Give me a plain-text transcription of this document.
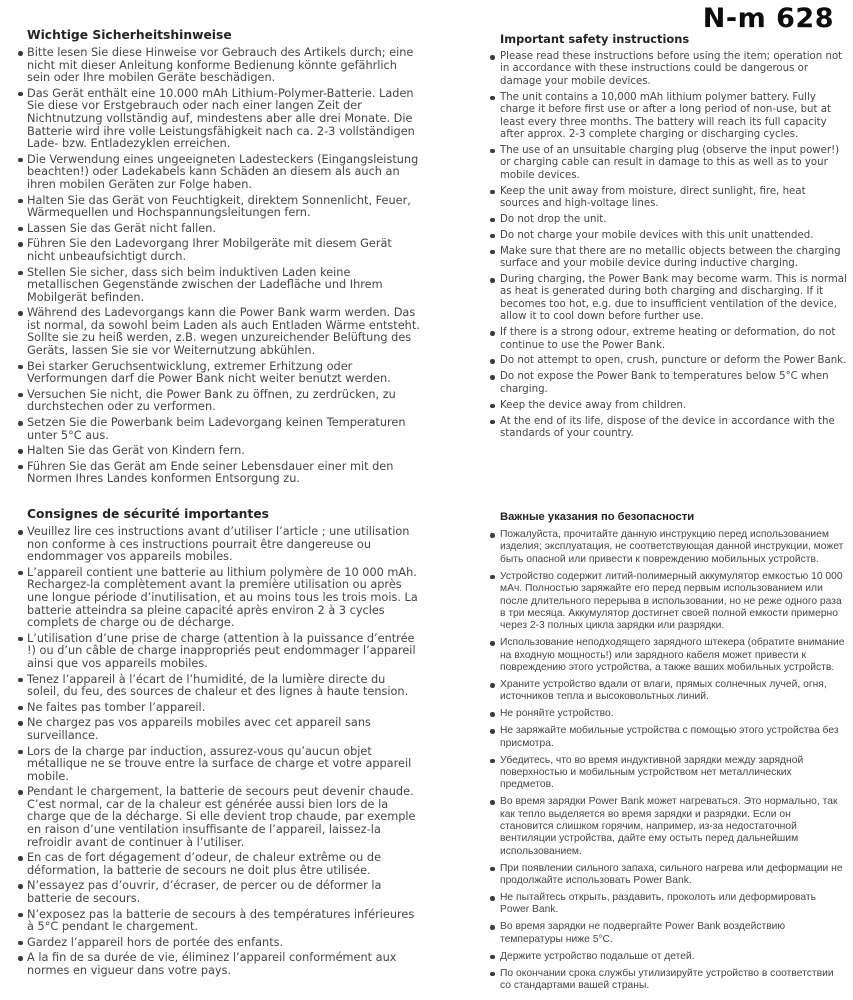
N-m 628
Wichtige Sicherheitshinweise
Bitte lesen Sie diese Hinweise vor Gebrauch des Artikels durch; eine nicht mit dieser Anleitung konforme Bedienung könnte gefährlich sein oder Ihre mobilen Geräte beschädigen.
Das Gerät enthält eine 10.000 mAh Lithium-Polymer-Batterie. Laden Sie diese vor Erstgebrauch oder nach einer langen Zeit der Nichtnutzung vollständig auf, mindestens aber alle drei Monate. Die Batterie wird ihre volle Leistungsfähigkeit nach ca. 2-3 vollständigen Lade- bzw. Entladezyklen erreichen.
Die Verwendung eines ungeeigneten Ladesteckers (Eingangsleistung beachten!) oder Ladekabels kann Schäden an diesem als auch an ihren mobilen Geräten zur Folge haben.
Halten Sie das Gerät von Feuchtigkeit, direktem Sonnenlicht, Feuer, Wärmequellen und Hochspannungsleitungen fern.
Lassen Sie das Gerät nicht fallen.
Führen Sie den Ladevorgang Ihrer Mobilgeräte mit diesem Gerät nicht unbeaufsichtigt durch.
Stellen Sie sicher, dass sich beim induktiven Laden keine metallischen Gegenstände zwischen der Ladefläche und Ihrem Mobilgerät befinden.
Während des Ladevorgangs kann die Power Bank warm werden. Das ist normal, da sowohl beim Laden als auch Entladen Wärme entsteht. Sollte sie zu heiß werden, z.B. wegen unzureichender Belüftung des Geräts, lassen Sie sie vor Weiternutzung abkühlen.
Bei starker Geruchsentwicklung, extremer Erhitzung oder Verformungen darf die Power Bank nicht weiter benutzt werden.
Versuchen Sie nicht, die Power Bank zu öffnen, zu zerdrücken, zu durchstechen oder zu verformen.
Setzen Sie die Powerbank beim Ladevorgang keinen Temperaturen unter 5°C aus.
Halten Sie das Gerät von Kindern fern.
Führen Sie das Gerät am Ende seiner Lebensdauer einer mit den Normen Ihres Landes konformen Entsorgung zu.
Important safety instructions
Please read these instructions before using the item; operation not in accordance with these instructions could be dangerous or damage your mobile devices.
The unit contains a 10,000 mAh lithium polymer battery. Fully charge it before first use or after a long period of non-use, but at least every three months. The battery will reach its full capacity after approx. 2-3 complete charging or discharging cycles.
The use of an unsuitable charging plug (observe the input power!) or charging cable can result in damage to this as well as to your mobile devices.
Keep the unit away from moisture, direct sunlight, fire, heat sources and high-voltage lines.
Do not drop the unit.
Do not charge your mobile devices with this unit unattended.
Make sure that there are no metallic objects between the charging surface and your mobile device during inductive charging.
During charging, the Power Bank may become warm. This is normal as heat is generated during both charging and discharging. If it becomes too hot, e.g. due to insufficient ventilation of the device, allow it to cool down before further use.
If there is a strong odour, extreme heating or deformation, do not continue to use the Power Bank.
Do not attempt to open, crush, puncture or deform the Power Bank.
Do not expose the Power Bank to temperatures below 5°C when charging.
Keep the device away from children.
At the end of its life, dispose of the device in accordance with the standards of your country.
Consignes de sécurité importantes
Veuillez lire ces instructions avant d’utiliser l’article ; une utilisation non conforme à ces instructions pourrait être dangereuse ou endommager vos appareils mobiles.
L’appareil contient une batterie au lithium polymère de 10 000 mAh. Rechargez-la complètement avant la première utilisation ou après une longue période d’inutilisation, et au moins tous les trois mois. La batterie atteindra sa pleine capacité après environ 2 à 3 cycles complets de charge ou de décharge.
L’utilisation d’une prise de charge (attention à la puissance d’entrée !) ou d’un câble de charge inappropriés peut endommager l’appareil ainsi que vos appareils mobiles.
Tenez l’appareil à l’écart de l’humidité, de la lumière directe du soleil, du feu, des sources de chaleur et des lignes à haute tension.
Ne faites pas tomber l’appareil.
Ne chargez pas vos appareils mobiles avec cet appareil sans surveillance.
Lors de la charge par induction, assurez-vous qu’aucun objet métallique ne se trouve entre la surface de charge et votre appareil mobile.
Pendant le chargement, la batterie de secours peut devenir chaude. C’est normal, car de la chaleur est générée aussi bien lors de la charge que de la décharge. Si elle devient trop chaude, par exemple en raison d’une ventilation insuffisante de l’appareil, laissez-la refroidir avant de continuer à l’utiliser.
En cas de fort dégagement d’odeur, de chaleur extrême ou de déformation, la batterie de secours ne doit plus être utilisée.
N’essayez pas d’ouvrir, d’écraser, de percer ou de déformer la batterie de secours.
N’exposez pas la batterie de secours à des températures inférieures à 5°C pendant le chargement.
Gardez l’appareil hors de portée des enfants.
A la fin de sa durée de vie, éliminez l’appareil conformément aux normes en vigueur dans votre pays.
Важные указания по безопасности
Пожалуйста, прочитайте данную инструкцию перед использованием изделия; эксплуатация, не соответствующая данной инструкции, может быть опасной или привести к повреждению мобильных устройств.
Устройство содержит литий-полимерный аккумулятор емкостью 10 000 мАч. Полностью заряжайте его перед первым использованием или после длительного перерыва в использовании, но не реже одного раза в три месяца. Аккумулятор достигнет своей полной емкости примерно через 2-3 полных цикла зарядки или разрядки.
Использование неподходящего зарядного штекера (обратите внимание на входную мощность!) или зарядного кабеля может привести к повреждению этого устройства, а также ваших мобильных устройств.
Храните устройство вдали от влаги, прямых солнечных лучей, огня, источников тепла и высоковольтных линий.
Не роняйте устройство.
Не заряжайте мобильные устройства с помощью этого устройства без присмотра.
Убедитесь, что во время индуктивной зарядки между зарядной поверхностью и мобильным устройством нет металлических предметов.
Во время зарядки Power Bank может нагреваться. Это нормально, так как тепло выделяется во время зарядки и разрядки. Если он становится слишком горячим, например, из-за недостаточной вентиляции устройства, дайте ему остыть перед дальнейшим использованием.
При появлении сильного запаха, сильного нагрева или деформации не продолжайте использовать Power Bank.
Не пытайтесь открыть, раздавить, проколоть или деформировать Power Bank.
Во время зарядки не подвергайте Power Bank воздействию температуры ниже 5°С.
Держите устройство подальше от детей.
По окончании срока службы утилизируйте устройство в соответствии со стандартами вашей страны.
